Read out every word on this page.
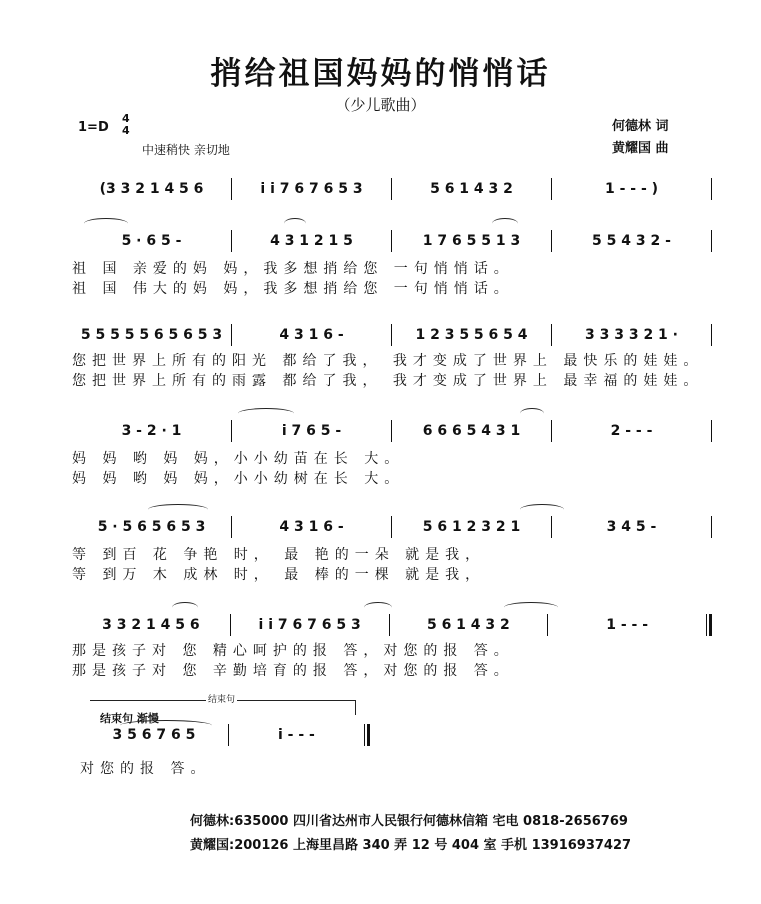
捎给祖国妈妈的悄悄话
（少儿歌曲）
1=D
4
4
中速稍快 亲切地
何德林 词
黄耀国 曲
(3 3 2 1 4 5 6	i i 7 6 7 6 5 3	5 6 1 4 3 2	1 - - - )
5 · 6 5 -	4 3 1 2 1 5	1 7 6 5 5 1 3	5 5 4 3 2 -
祖 国 亲爱的妈 妈，我多想捎给您 一句悄悄话。
祖 国 伟大的妈 妈，我多想捎给您 一句悄悄话。
5 5 5 5 5 6 5 6 5 3	4 3 1 6 -	1 2 3 5 5 6 5 4	3 3 3 3 2 1 ·
您把世界上所有的阳光 都给了我， 我才变成了世界上 最快乐的娃娃。
您把世界上所有的雨露 都给了我， 我才变成了世界上 最幸福的娃娃。
3 - 2 · 1	i 7 6 5 -	6 6 6 5 4 3 1	2 - - -
妈 妈 哟 妈 妈，小小幼苗在长 大。
妈 妈 哟 妈 妈，小小幼树在长 大。
5 · 5 6 5 6 5 3	4 3 1 6 -	5 6 1 2 3 2 1	3 4 5 -
等 到百 花 争艳 时， 最 艳的一朵 就是我，
等 到万 木 成林 时， 最 棒的一棵 就是我，
3 3 2 1 4 5 6	i i 7 6 7 6 5 3	5 6 1 4 3 2	1 - - -
那是孩子对 您 精心呵护的报 答，对您的报 答。
那是孩子对 您 辛勤培育的报 答，对您的报 答。
结束句
结束句 渐慢
3 5 6 7 6 5	i - - -
对您的报 答。
何德林:635000 四川省达州市人民银行何德林信箱 宅电 0818-2656769
黄耀国:200126 上海里昌路 340 弄 12 号 404 室 手机 13916937427
